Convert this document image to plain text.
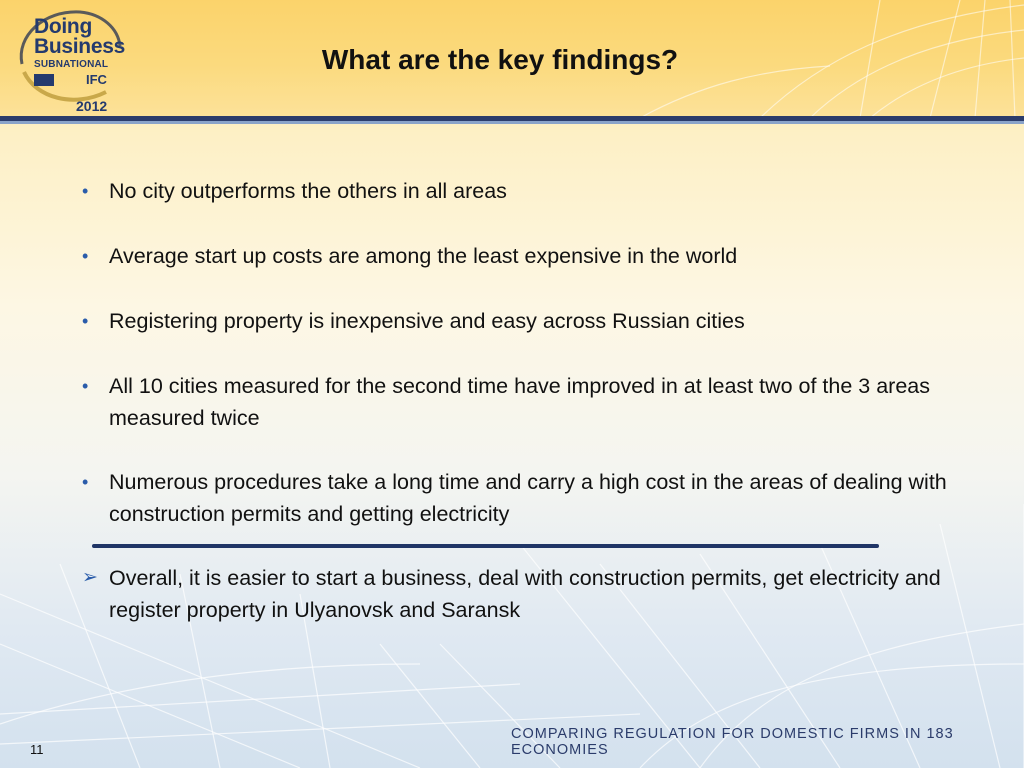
Doing
Business
SUBNATIONAL
IFC
2012
What are the key findings?
• No city outperforms the others in all areas
• Average start up costs are among the least expensive in the world
• Registering property is inexpensive and easy across Russian cities
• All 10 cities measured for the second time have improved in at least two of the 3 areas measured twice
• Numerous procedures take a long time and carry a high cost in the areas of dealing with construction permits and getting electricity
➢ Overall, it is easier to start a business, deal with construction permits, get electricity and register property in Ulyanovsk and Saransk
COMPARING REGULATION FOR DOMESTIC FIRMS IN 183 ECONOMIES
11
